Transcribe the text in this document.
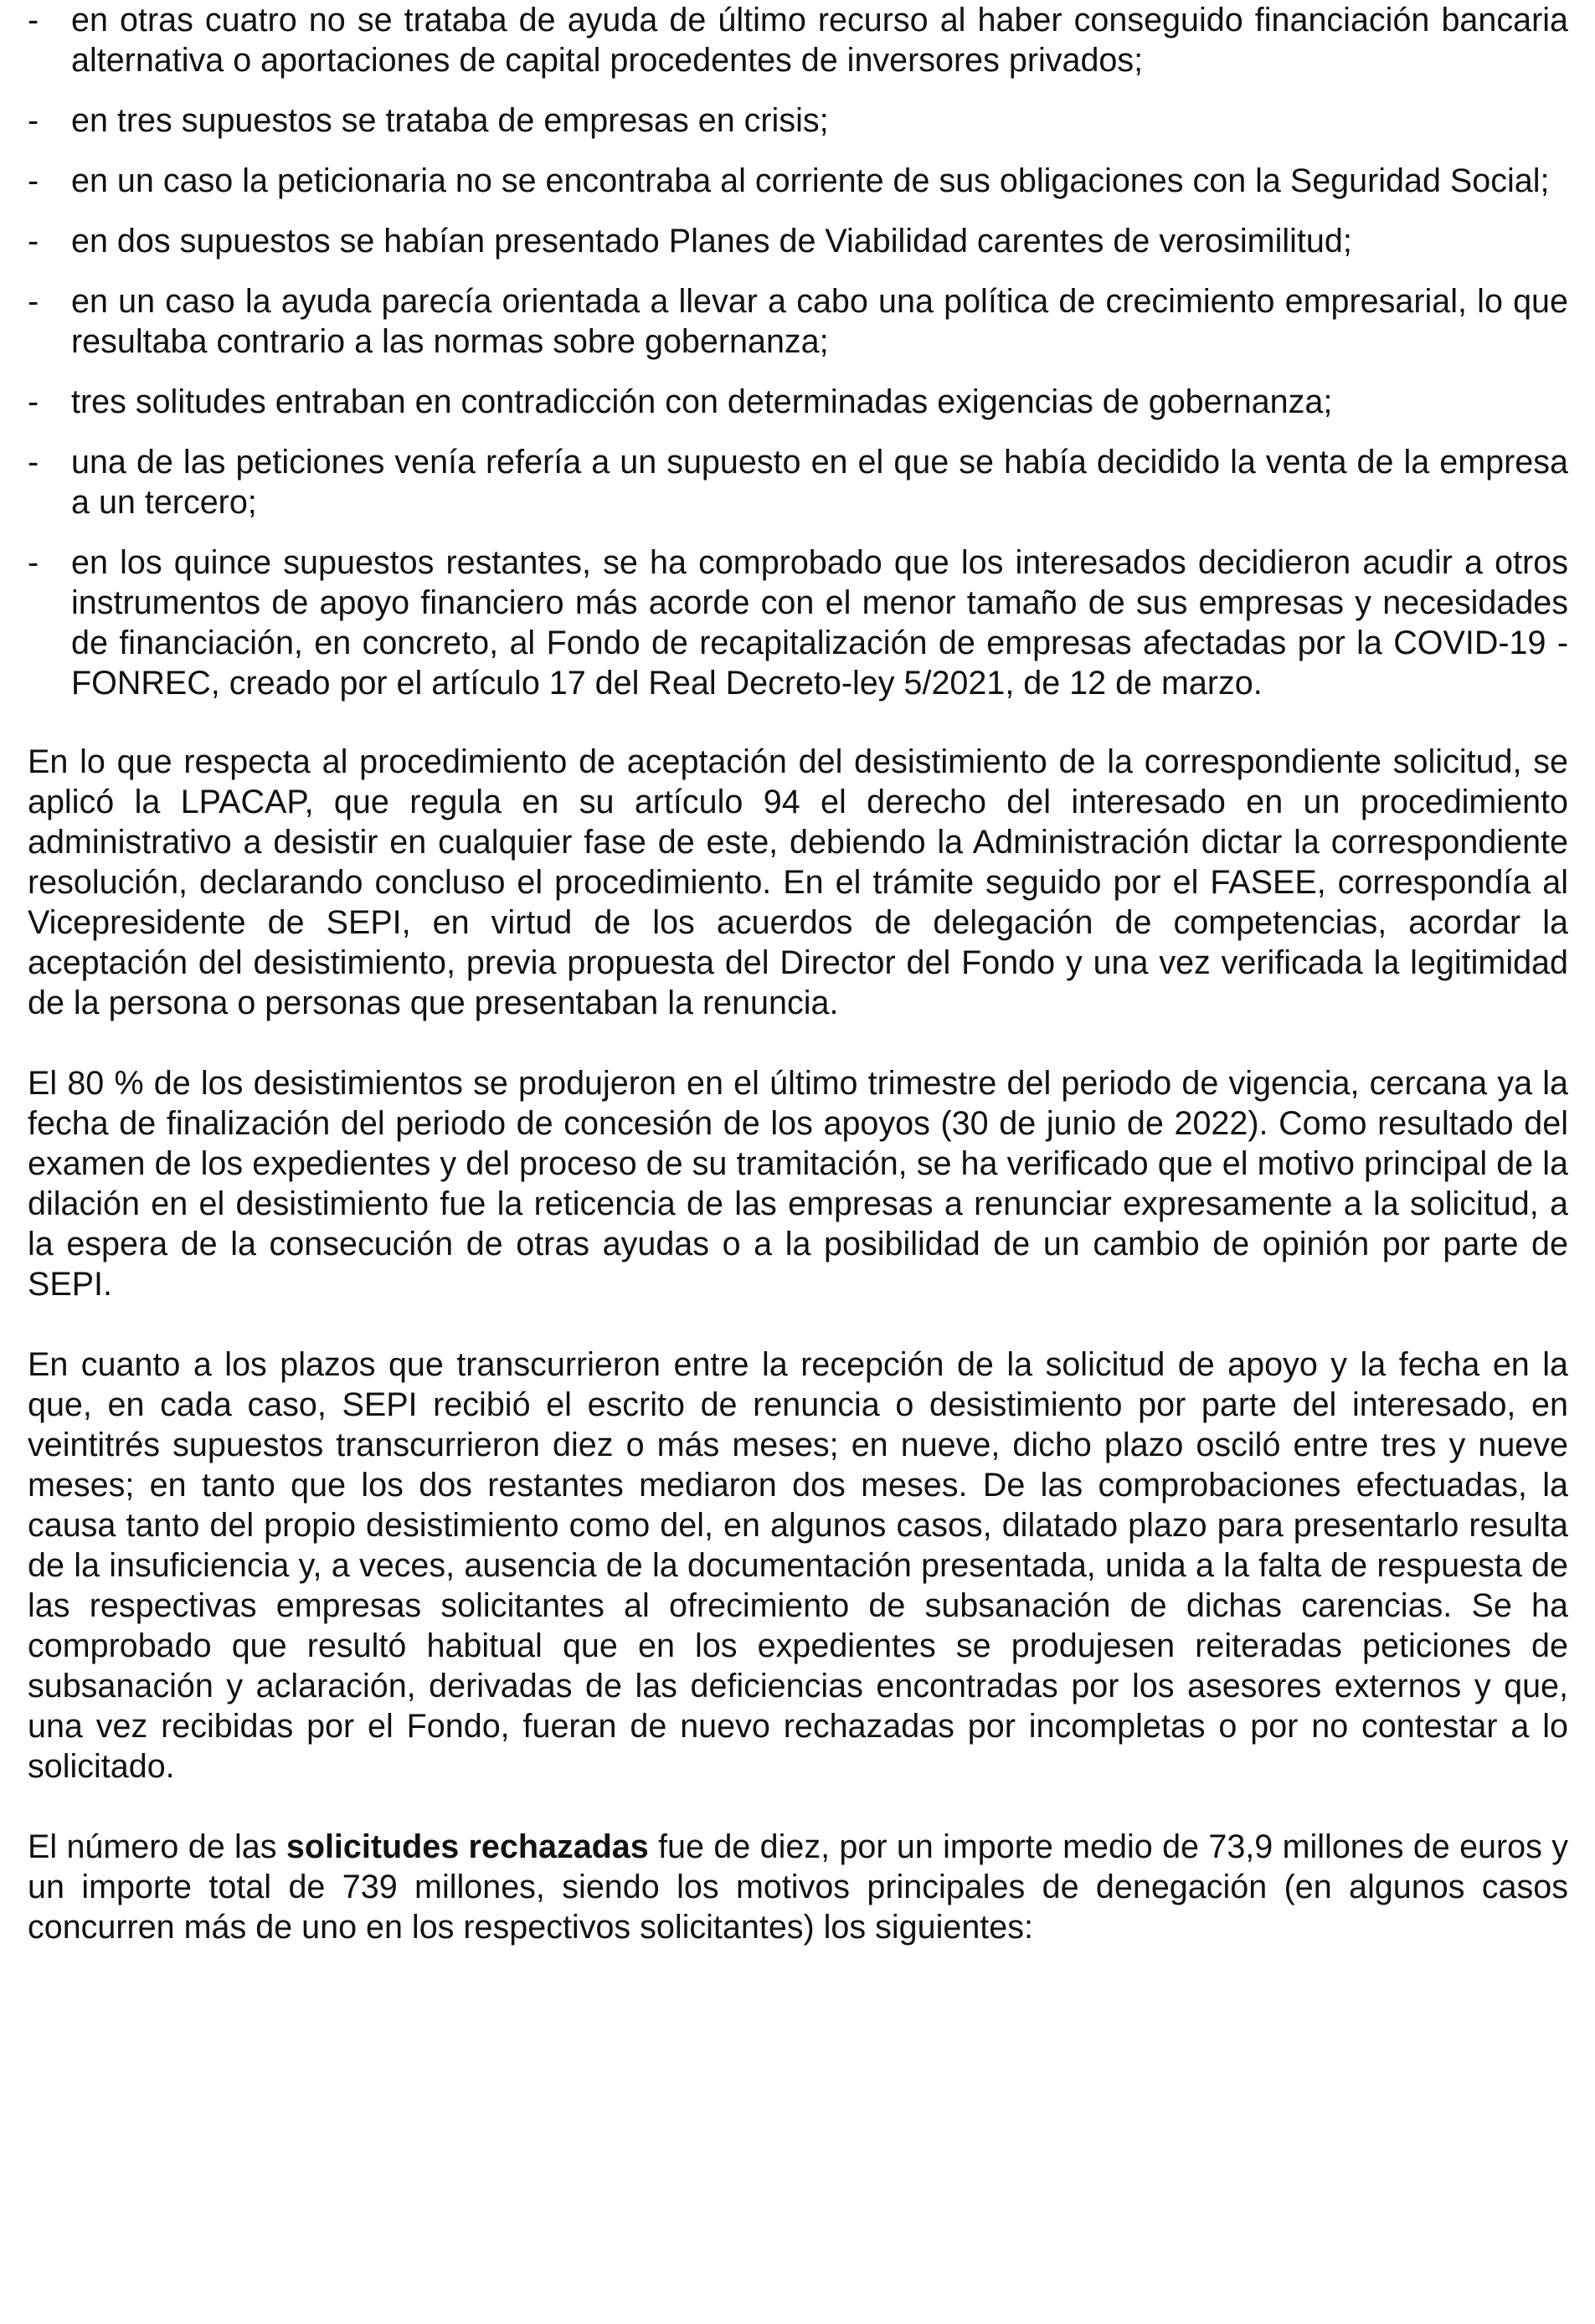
- en otras cuatro no se trataba de ayuda de último recurso al haber conseguido financiación bancaria alternativa o aportaciones de capital procedentes de inversores privados;
- en tres supuestos se trataba de empresas en crisis;
- en un caso la peticionaria no se encontraba al corriente de sus obligaciones con la Seguridad Social;
- en dos supuestos se habían presentado Planes de Viabilidad carentes de verosimilitud;
- en un caso la ayuda parecía orientada a llevar a cabo una política de crecimiento empresarial, lo que resultaba contrario a las normas sobre gobernanza;
- tres solitudes entraban en contradicción con determinadas exigencias de gobernanza;
- una de las peticiones venía refería a un supuesto en el que se había decidido la venta de la empresa a un tercero;
- en los quince supuestos restantes, se ha comprobado que los interesados decidieron acudir a otros instrumentos de apoyo financiero más acorde con el menor tamaño de sus empresas y necesidades de financiación, en concreto, al Fondo de recapitalización de empresas afectadas por la COVID-19 - FONREC, creado por el artículo 17 del Real Decreto-ley 5/2021, de 12 de marzo.

En lo que respecta al procedimiento de aceptación del desistimiento de la correspondiente solicitud, se aplicó la LPACAP, que regula en su artículo 94 el derecho del interesado en un procedimiento administrativo a desistir en cualquier fase de este, debiendo la Administración dictar la correspondiente resolución, declarando concluso el procedimiento. En el trámite seguido por el FASEE, correspondía al Vicepresidente de SEPI, en virtud de los acuerdos de delegación de competencias, acordar la aceptación del desistimiento, previa propuesta del Director del Fondo y una vez verificada la legitimidad de la persona o personas que presentaban la renuncia.

El 80 % de los desistimientos se produjeron en el último trimestre del periodo de vigencia, cercana ya la fecha de finalización del periodo de concesión de los apoyos (30 de junio de 2022). Como resultado del examen de los expedientes y del proceso de su tramitación, se ha verificado que el motivo principal de la dilación en el desistimiento fue la reticencia de las empresas a renunciar expresamente a la solicitud, a la espera de la consecución de otras ayudas o a la posibilidad de un cambio de opinión por parte de SEPI.

En cuanto a los plazos que transcurrieron entre la recepción de la solicitud de apoyo y la fecha en la que, en cada caso, SEPI recibió el escrito de renuncia o desistimiento por parte del interesado, en veintitrés supuestos transcurrieron diez o más meses; en nueve, dicho plazo osciló entre tres y nueve meses; en tanto que los dos restantes mediaron dos meses. De las comprobaciones efectuadas, la causa tanto del propio desistimiento como del, en algunos casos, dilatado plazo para presentarlo resulta de la insuficiencia y, a veces, ausencia de la documentación presentada, unida a la falta de respuesta de las respectivas empresas solicitantes al ofrecimiento de subsanación de dichas carencias. Se ha comprobado que resultó habitual que en los expedientes se produjesen reiteradas peticiones de subsanación y aclaración, derivadas de las deficiencias encontradas por los asesores externos y que, una vez recibidas por el Fondo, fueran de nuevo rechazadas por incompletas o por no contestar a lo solicitado.

El número de las solicitudes rechazadas fue de diez, por un importe medio de 73,9 millones de euros y un importe total de 739 millones, siendo los motivos principales de denegación (en algunos casos concurren más de uno en los respectivos solicitantes) los siguientes:
